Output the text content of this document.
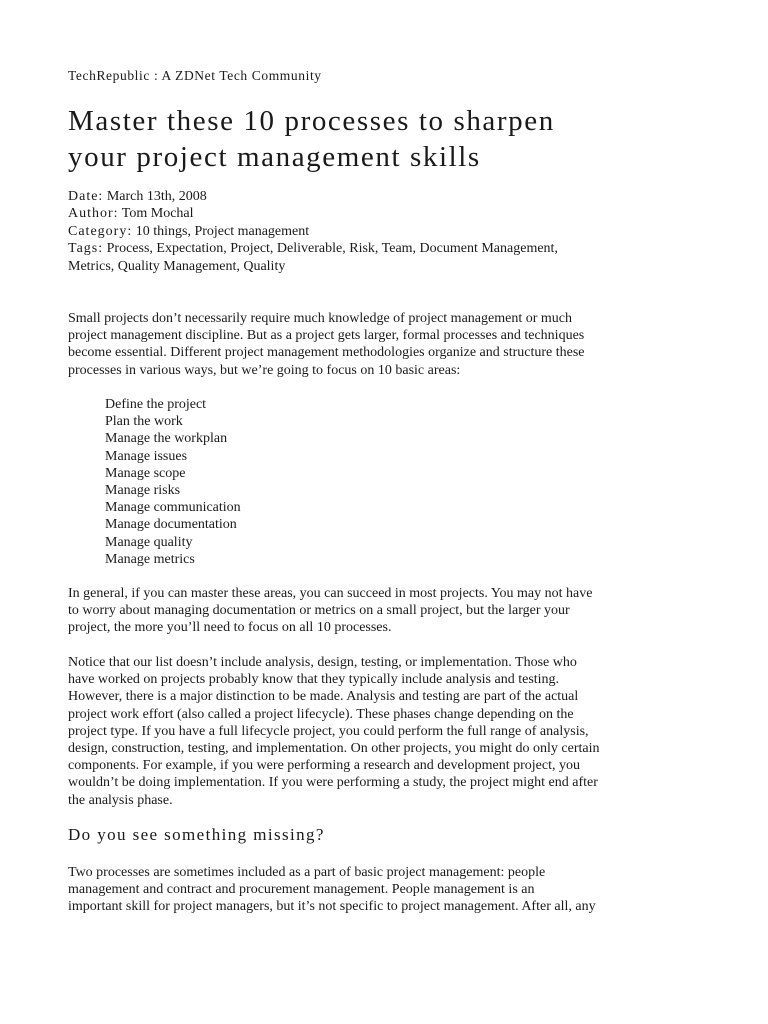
TechRepublic : A ZDNet Tech Community
Master these 10 processes to sharpen
your project management skills
Date: March 13th, 2008
Author: Tom Mochal
Category: 10 things, Project management
Tags: Process, Expectation, Project, Deliverable, Risk, Team, Document Management,
Metrics, Quality Management, Quality

Small projects don’t necessarily require much knowledge of project management or much
project management discipline. But as a project gets larger, formal processes and techniques
become essential. Different project management methodologies organize and structure these
processes in various ways, but we’re going to focus on 10 basic areas:

Define the project
Plan the work
Manage the workplan
Manage issues
Manage scope
Manage risks
Manage communication
Manage documentation
Manage quality
Manage metrics

In general, if you can master these areas, you can succeed in most projects. You may not have
to worry about managing documentation or metrics on a small project, but the larger your
project, the more you’ll need to focus on all 10 processes.

Notice that our list doesn’t include analysis, design, testing, or implementation. Those who
have worked on projects probably know that they typically include analysis and testing.
However, there is a major distinction to be made. Analysis and testing are part of the actual
project work effort (also called a project lifecycle). These phases change depending on the
project type. If you have a full lifecycle project, you could perform the full range of analysis,
design, construction, testing, and implementation. On other projects, you might do only certain
components. For example, if you were performing a research and development project, you
wouldn’t be doing implementation. If you were performing a study, the project might end after
the analysis phase.

Do you see something missing?

Two processes are sometimes included as a part of basic project management: people
management and contract and procurement management. People management is an
important skill for project managers, but it’s not specific to project management. After all, any
